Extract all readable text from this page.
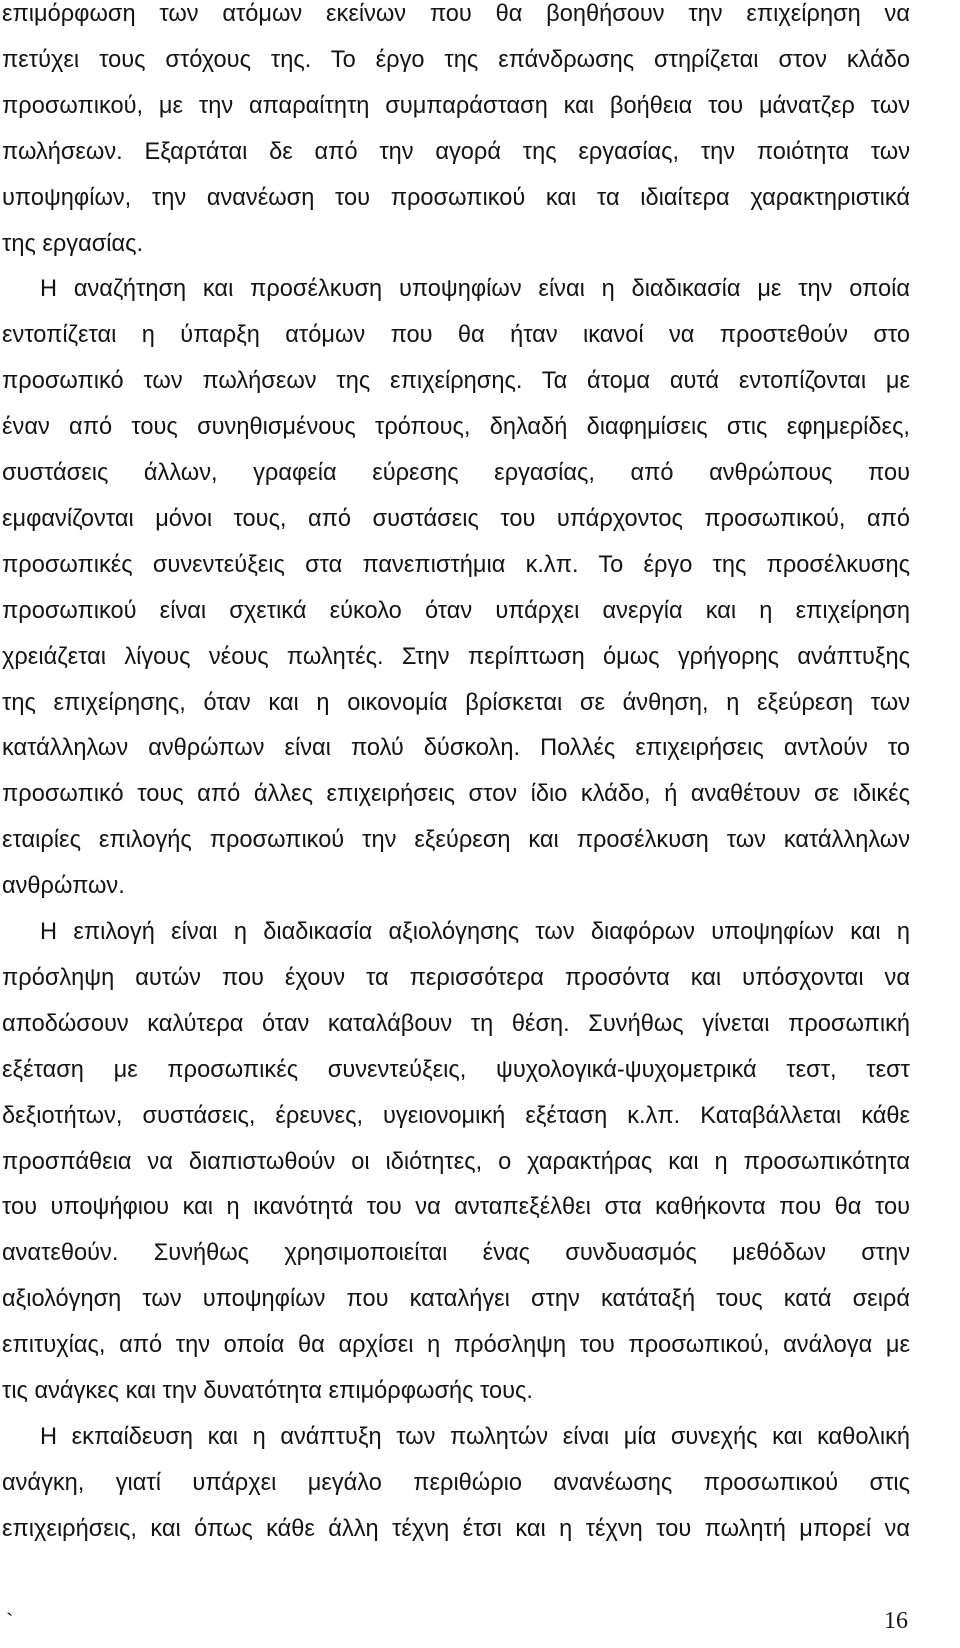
επιμόρφωση των ατόμων εκείνων που θα βοηθήσουν την επιχείρηση να
πετύχει τους στόχους της. Το έργο της επάνδρωσης στηρίζεται στον κλάδο
προσωπικού, με την απαραίτητη συμπαράσταση και βοήθεια του μάνατζερ των
πωλήσεων. Εξαρτάται δε από την αγορά της εργασίας, την ποιότητα των
υποψηφίων, την ανανέωση του προσωπικού και τα ιδιαίτερα χαρακτηριστικά
της εργασίας.
Η αναζήτηση και προσέλκυση υποψηφίων είναι η διαδικασία με την οποία
εντοπίζεται η ύπαρξη ατόμων που θα ήταν ικανοί να προστεθούν στο
προσωπικό των πωλήσεων της επιχείρησης. Τα άτομα αυτά εντοπίζονται με
έναν από τους συνηθισμένους τρόπους, δηλαδή διαφημίσεις στις εφημερίδες,
συστάσεις άλλων, γραφεία εύρεσης εργασίας, από ανθρώπους που
εμφανίζονται μόνοι τους, από συστάσεις του υπάρχοντος προσωπικού, από
προσωπικές συνεντεύξεις στα πανεπιστήμια κ.λπ. Το έργο της προσέλκυσης
προσωπικού είναι σχετικά εύκολο όταν υπάρχει ανεργία και η επιχείρηση
χρειάζεται λίγους νέους πωλητές. Στην περίπτωση όμως γρήγορης ανάπτυξης
της επιχείρησης, όταν και η οικονομία βρίσκεται σε άνθηση, η εξεύρεση των
κατάλληλων ανθρώπων είναι πολύ δύσκολη. Πολλές επιχειρήσεις αντλούν το
προσωπικό τους από άλλες επιχειρήσεις στον ίδιο κλάδο, ή αναθέτουν σε ιδικές
εταιρίες επιλογής προσωπικού την εξεύρεση και προσέλκυση των κατάλληλων
ανθρώπων.
Η επιλογή είναι η διαδικασία αξιολόγησης των διαφόρων υποψηφίων και η
πρόσληψη αυτών που έχουν τα περισσότερα προσόντα και υπόσχονται να
αποδώσουν καλύτερα όταν καταλάβουν τη θέση. Συνήθως γίνεται προσωπική
εξέταση με προσωπικές συνεντεύξεις, ψυχολογικά-ψυχομετρικά τεστ, τεστ
δεξιοτήτων, συστάσεις, έρευνες, υγειονομική εξέταση κ.λπ. Καταβάλλεται κάθε
προσπάθεια να διαπιστωθούν οι ιδιότητες, ο χαρακτήρας και η προσωπικότητα
του υποψήφιου και η ικανότητά του να ανταπεξέλθει στα καθήκοντα που θα του
ανατεθούν. Συνήθως χρησιμοποιείται ένας συνδυασμός μεθόδων στην
αξιολόγηση των υποψηφίων που καταλήγει στην κατάταξή τους κατά σειρά
επιτυχίας, από την οποία θα αρχίσει η πρόσληψη του προσωπικού, ανάλογα με
τις ανάγκες και την δυνατότητα επιμόρφωσής τους.
Η εκπαίδευση και η ανάπτυξη των πωλητών είναι μία συνεχής και καθολική
ανάγκη, γιατί υπάρχει μεγάλο περιθώριο ανανέωσης προσωπικού στις
επιχειρήσεις, και όπως κάθε άλλη τέχνη έτσι και η τέχνη του πωλητή μπορεί να
`	16
